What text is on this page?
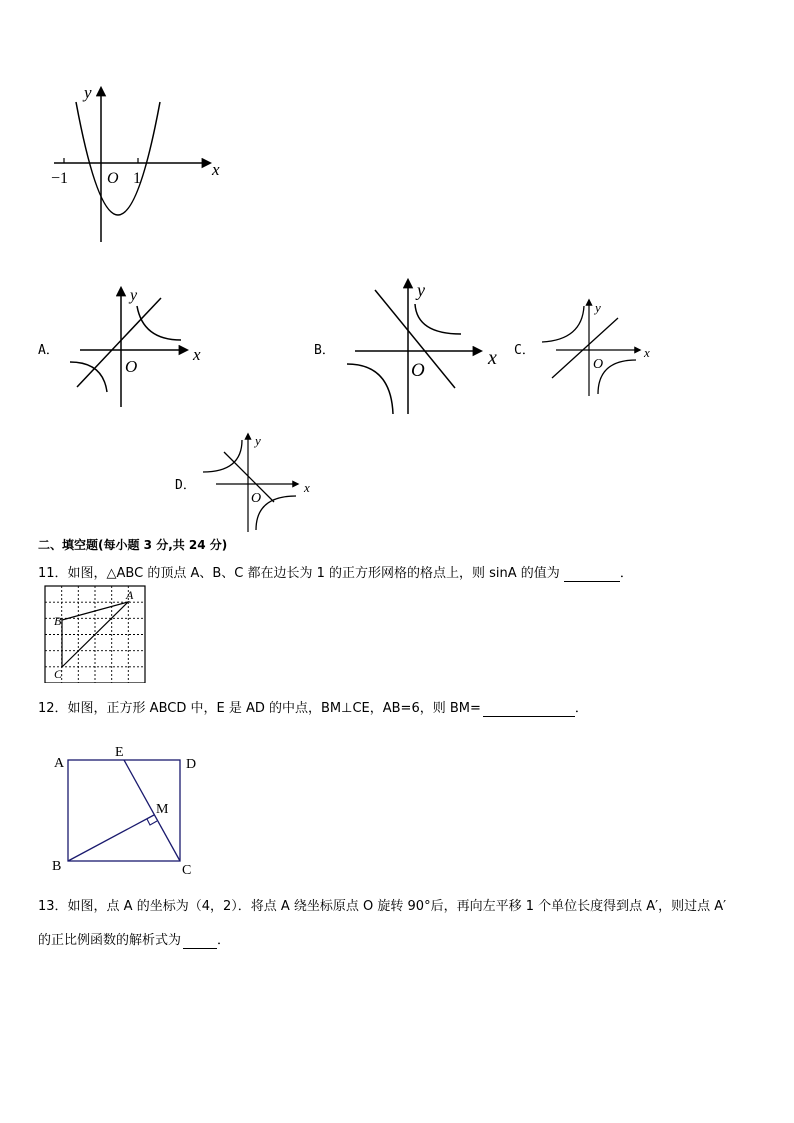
y
x
−1 O 1
A．
y
x
O
B．
y
x
O
C．
y
x
O
D．
y
x
O
二、填空题(每小题 3 分,共 24 分)
11．如图，△ABC 的顶点 A、B、C 都在边长为 1 的正方形网格的格点上，则 sinA 的值为	．
A
B
C
12．如图，正方形 ABCD 中，E 是 AD 的中点，BM⊥CE，AB=6，则 BM=	．
A
E
D
M
B	C
13．如图，点 A 的坐标为（4，2）．将点 A 绕坐标原点 O 旋转 90°后，再向左平移 1 个单位长度得到点 A′，则过点 A′
的正比例函数的解析式为	．
